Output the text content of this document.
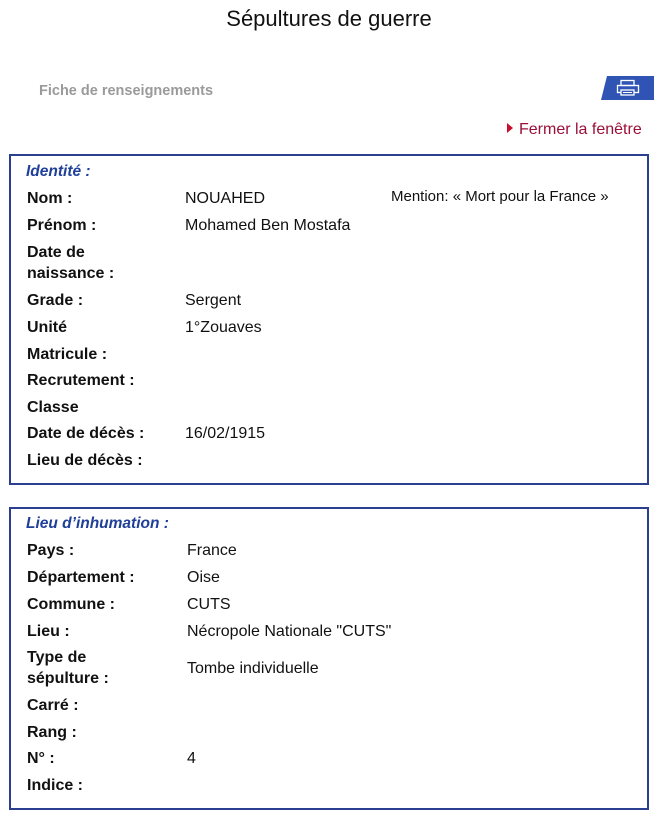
Sépultures de guerre
Fiche de renseignements
Fermer la fenêtre
Identité :
Mention: « Mort pour la France »
Nom :	NOUAHED
Prénom :	Mohamed Ben Mostafa
Date de
naissance :
Grade :	Sergent
Unité	1°Zouaves
Matricule :
Recrutement :
Classe
Date de décès :	16/02/1915
Lieu de décès :
Lieu d’inhumation :
Pays :	France
Département :	Oise
Commune :	CUTS
Lieu :	Nécropole Nationale "CUTS"
Type de
sépulture :
Tombe individuelle
Carré :
Rang :
N° :	4
Indice :
